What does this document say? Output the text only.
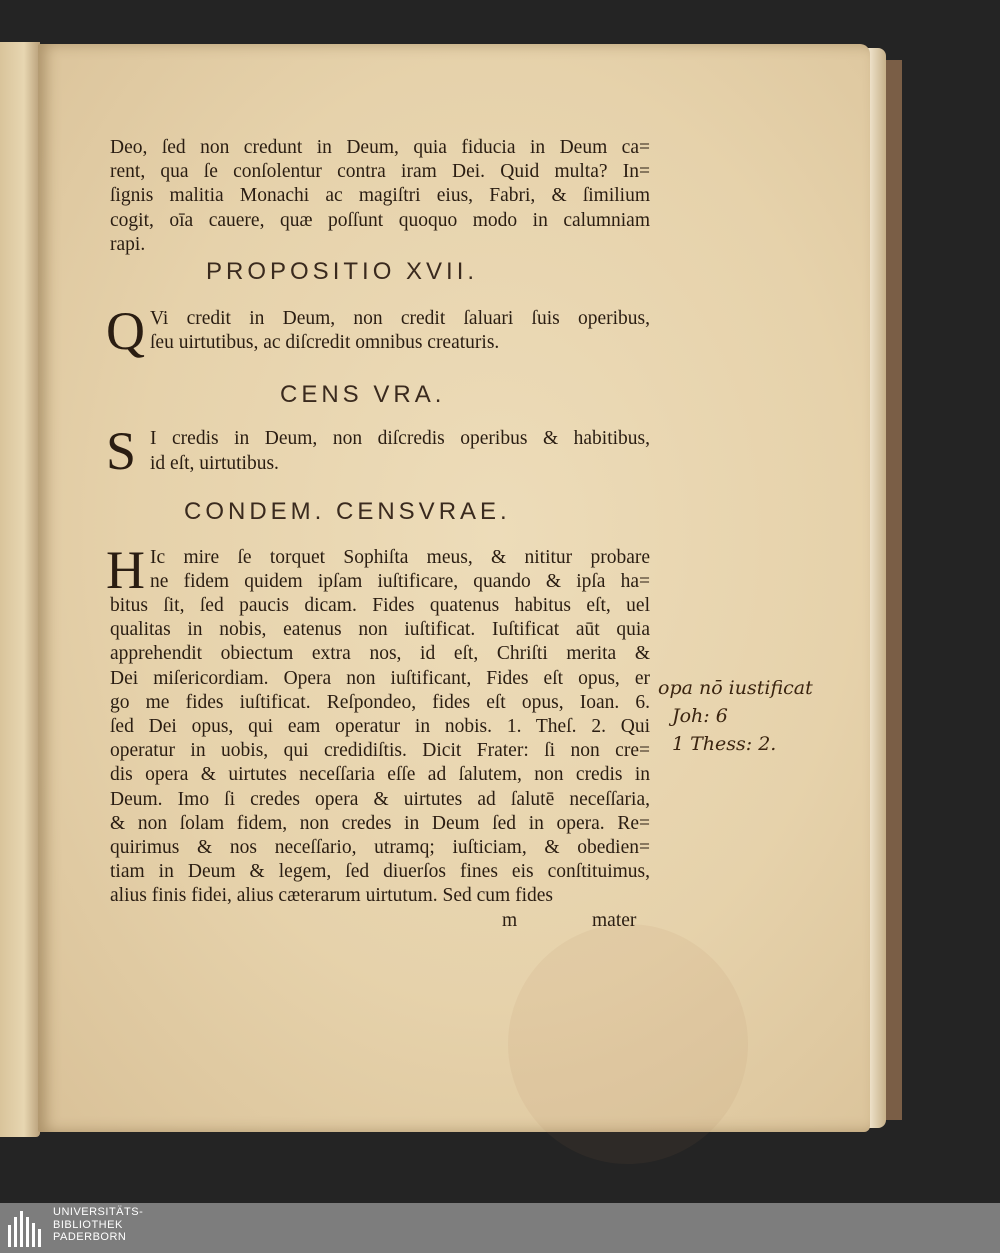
Deo, ſed non credunt in Deum, quia fiducia in Deum ca=
rent, qua ſe conſolentur contra iram Dei. Quid multa? In=
ſignis malitia Monachi ac magiſtri eius, Fabri, & ſimilium
cogit, oīa cauere, quæ poſſunt quoquo modo in calumniam
rapi.
PROPOSITIO XVII.
Q Vi credit in Deum, non credit ſaluari ſuis operibus,
ſeu uirtutibus, ac diſcredit omnibus creaturis.
CENS VRA.
S I credis in Deum, non diſcredis operibus & habitibus,
id eſt, uirtutibus.
CONDEM. CENSVRAE.
H Ic mire ſe torquet Sophiſta meus, & nititur probare
ne fidem quidem ipſam iuſtificare, quando & ipſa ha=
bitus ſit, ſed paucis dicam. Fides quatenus habitus eſt, uel
qualitas in nobis, eatenus non iuſtificat. Iuſtificat aūt quia
apprehendit obiectum extra nos, id eſt, Chriſti merita &
Dei miſericordiam. Opera non iuſtificant, Fides eſt opus, er
go me fides iuſtificat. Reſpondeo, fides eſt opus, Ioan. 6.
ſed Dei opus, qui eam operatur in nobis. 1. Theſ. 2. Qui
operatur in uobis, qui credidiſtis. Dicit Frater: ſi non cre=
dis opera & uirtutes neceſſaria eſſe ad ſalutem, non credis in
Deum. Imo ſi credes opera & uirtutes ad ſalutē neceſſaria,
& non ſolam fidem, non credes in Deum ſed in opera. Re=
quirimus & nos neceſſario, utramq; iuſticiam, & obedien=
tiam in Deum & legem, ſed diuerſos fines eis conſtituimus,
alius finis fidei, alius cæterarum uirtutum. Sed cum fides
m	mater
opa nō iustificat
Joh: 6
1 Thess: 2.
UNIVERSITÄTS-
BIBLIOTHEK
PADERBORN
